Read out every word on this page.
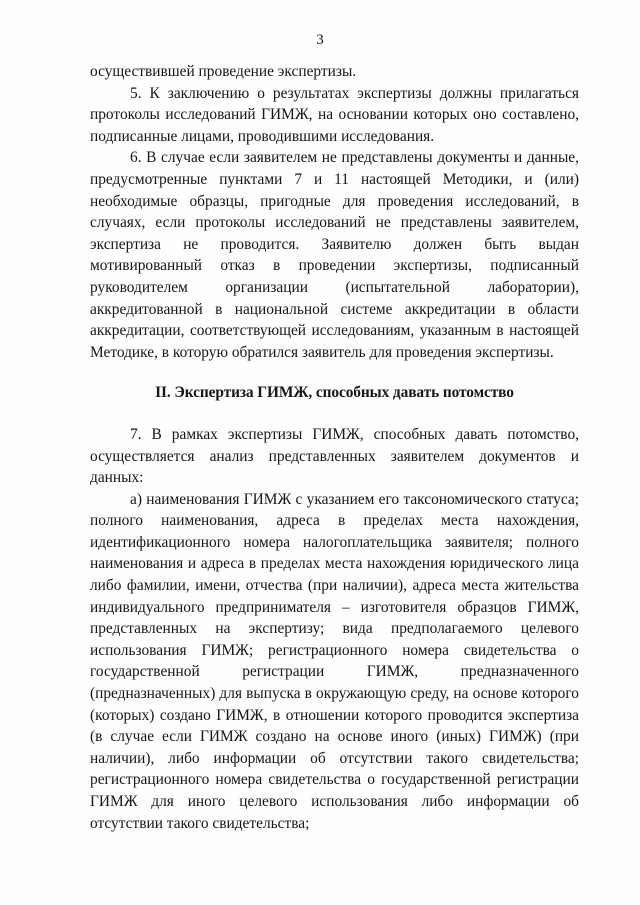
3

осуществившей проведение экспертизы.

5. К заключению о результатах экспертизы должны прилагаться протоколы исследований ГИМЖ, на основании которых оно составлено, подписанные лицами, проводившими исследования.

6. В случае если заявителем не представлены документы и данные, предусмотренные пунктами 7 и 11 настоящей Методики, и (или) необходимые образцы, пригодные для проведения исследований, в случаях, если протоколы исследований не представлены заявителем, экспертиза не проводится. Заявителю должен быть выдан мотивированный отказ в проведении экспертизы, подписанный руководителем организации (испытательной лаборатории), аккредитованной в национальной системе аккредитации в области аккредитации, соответствующей исследованиям, указанным в настоящей Методике, в которую обратился заявитель для проведения экспертизы.

II. Экспертиза ГИМЖ, способных давать потомство

7. В рамках экспертизы ГИМЖ, способных давать потомство, осуществляется анализ представленных заявителем документов и данных:

а) наименования ГИМЖ с указанием его таксономического статуса; полного наименования, адреса в пределах места нахождения, идентификационного номера налогоплательщика заявителя; полного наименования и адреса в пределах места нахождения юридического лица либо фамилии, имени, отчества (при наличии), адреса места жительства индивидуального предпринимателя – изготовителя образцов ГИМЖ, представленных на экспертизу; вида предполагаемого целевого использования ГИМЖ; регистрационного номера свидетельства о государственной регистрации ГИМЖ, предназначенного (предназначенных) для выпуска в окружающую среду, на основе которого (которых) создано ГИМЖ, в отношении которого проводится экспертиза (в случае если ГИМЖ создано на основе иного (иных) ГИМЖ) (при наличии), либо информации об отсутствии такого свидетельства; регистрационного номера свидетельства о государственной регистрации ГИМЖ для иного целевого использования либо информации об отсутствии такого свидетельства;
